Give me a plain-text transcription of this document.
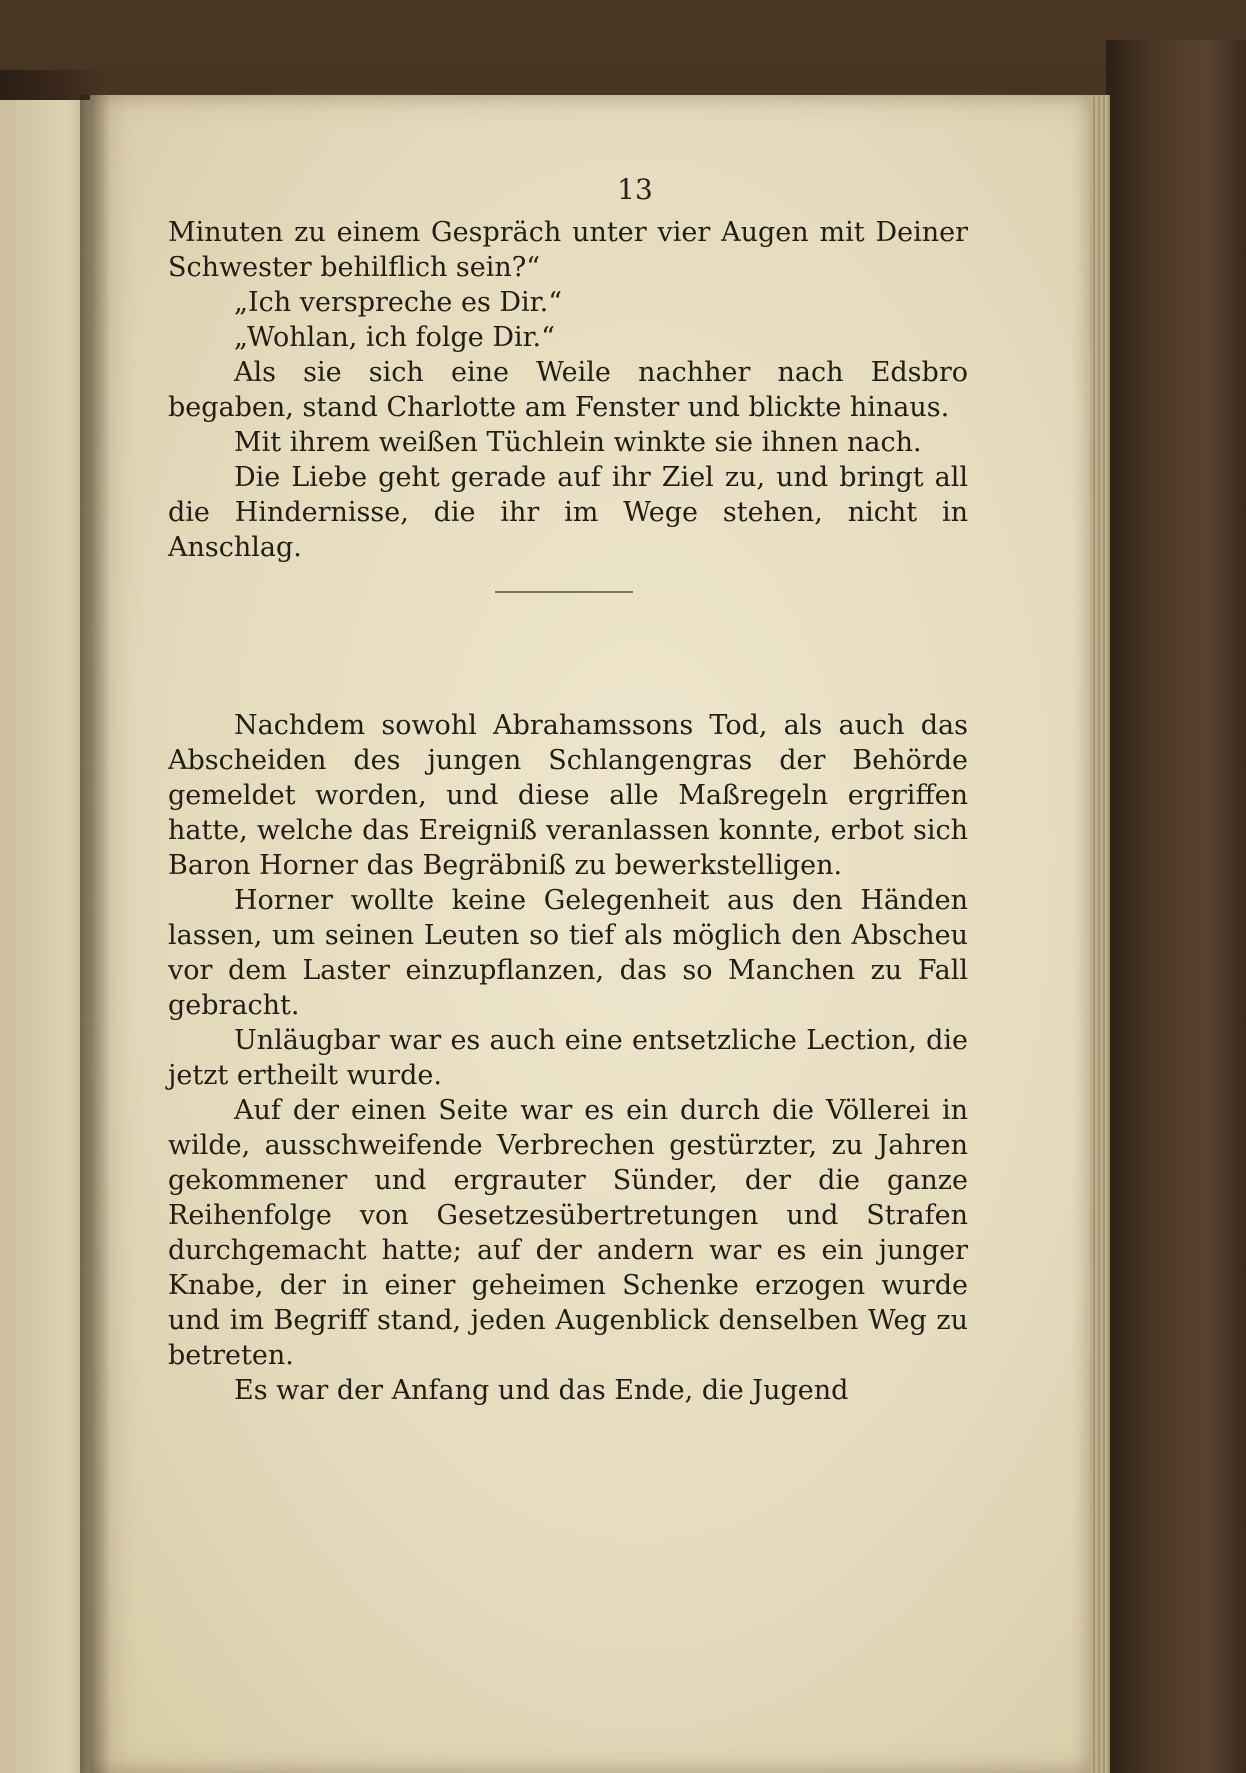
13

Minuten zu einem Gespräch unter vier Augen mit Deiner Schwester behilflich sein?“

„Ich verspreche es Dir.“

„Wohlan, ich folge Dir.“

Als sie sich eine Weile nachher nach Edsbro begaben, stand Charlotte am Fenster und blickte hinaus.

Mit ihrem weißen Tüchlein winkte sie ihnen nach.

Die Liebe geht gerade auf ihr Ziel zu, und bringt all die Hindernisse, die ihr im Wege stehen, nicht in Anschlag.

Nachdem sowohl Abrahamssons Tod, als auch das Abscheiden des jungen Schlangengras der Behörde gemeldet worden, und diese alle Maßregeln ergriffen hatte, welche das Ereigniß veranlassen konnte, erbot sich Baron Horner das Begräbniß zu bewerkstelligen.

Horner wollte keine Gelegenheit aus den Händen lassen, um seinen Leuten so tief als möglich den Abscheu vor dem Laster einzupflanzen, das so Manchen zu Fall gebracht.

Unläugbar war es auch eine entsetzliche Lection, die jetzt ertheilt wurde.

Auf der einen Seite war es ein durch die Völlerei in wilde, ausschweifende Verbrechen gestürzter, zu Jahren gekommener und ergrauter Sünder, der die ganze Reihenfolge von Gesetzesübertretungen und Strafen durchgemacht hatte; auf der andern war es ein junger Knabe, der in einer geheimen Schenke erzogen wurde und im Begriff stand, jeden Augenblick denselben Weg zu betreten.

Es war der Anfang und das Ende, die Jugend
